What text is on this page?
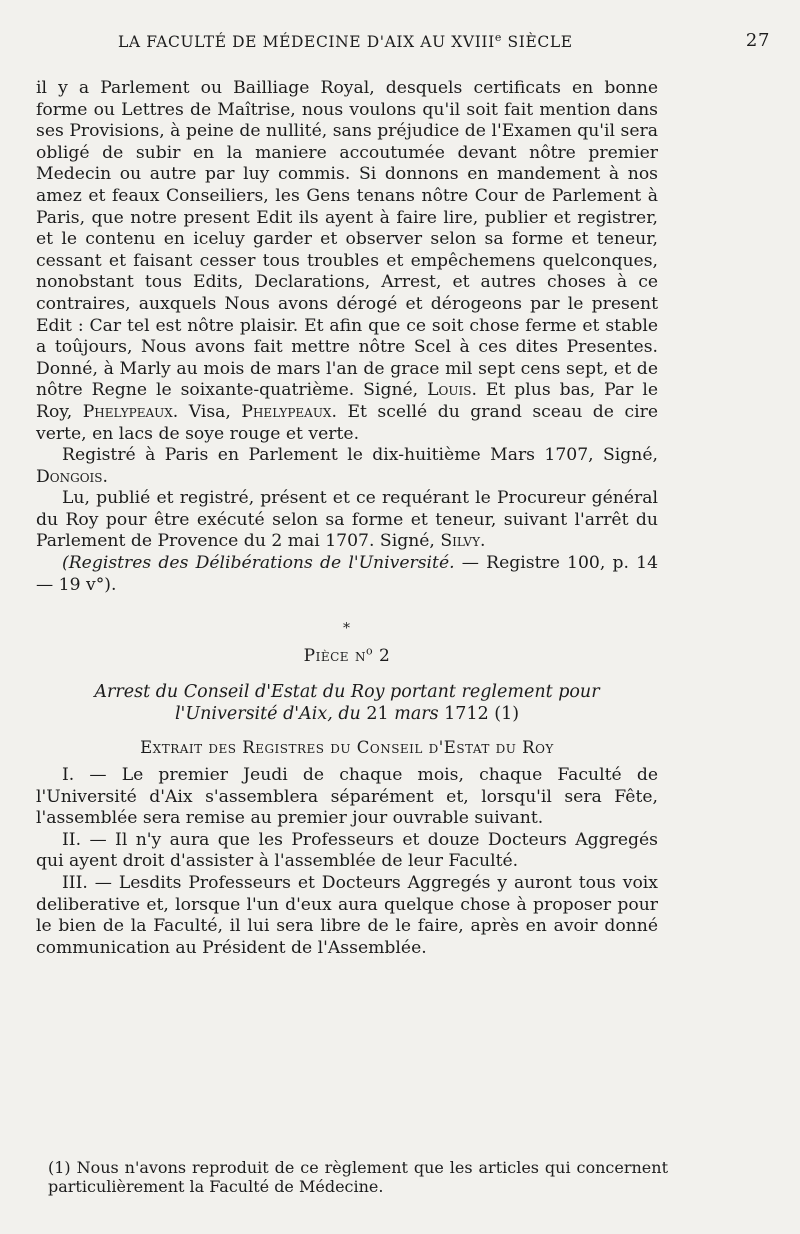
LA FACULTÉ DE MÉDECINE D'AIX AU XVIIIe SIÈCLE	27

il y a Parlement ou Bailliage Royal, desquels certificats en bonne forme ou Lettres de Maîtrise, nous voulons qu'il soit fait mention dans ses Provisions, à peine de nullité, sans préjudice de l'Examen qu'il sera obligé de subir en la maniere accoutumée devant nôtre premier Medecin ou autre par luy commis. Si donnons en mandement à nos amez et feaux Conseiliers, les Gens tenans nôtre Cour de Parlement à Paris, que notre present Edit ils ayent à faire lire, publier et registrer, et le contenu en iceluy garder et observer selon sa forme et teneur, cessant et faisant cesser tous troubles et empêchemens quelconques, nonobstant tous Edits, Declarations, Arrest, et autres choses à ce contraires, auxquels Nous avons dérogé et dérogeons par le present Edit : Car tel est nôtre plaisir. Et afin que ce soit chose ferme et stable a toûjours, Nous avons fait mettre nôtre Scel à ces dites Presentes. Donné, à Marly au mois de mars l'an de grace mil sept cens sept, et de nôtre Regne le soixante-quatrième. Signé, Louis. Et plus bas, Par le Roy, Phelypeaux. Visa, Phelypeaux. Et scellé du grand sceau de cire verte, en lacs de soye rouge et verte.

Registré à Paris en Parlement le dix-huitième Mars 1707, Signé, Dongois.

Lu, publié et registré, présent et ce requérant le Procureur général du Roy pour être exécuté selon sa forme et teneur, suivant l'arrêt du Parlement de Provence du 2 mai 1707. Signé, Silvy.

(Registres des Délibérations de l'Université. — Registre 100, p. 14 — 19 v°).

⁎
Pièce $n^o$ 2
Arrest du Conseil d'Estat du Roy portant reglement pour l'Université d'Aix, du 21 mars 1712 (1)
Extrait des Registres du Conseil d'Estat du Roy

I. — Le premier Jeudi de chaque mois, chaque Faculté de l'Université d'Aix s'assemblera séparément et, lorsqu'il sera Fête, l'assemblée sera remise au premier jour ouvrable suivant.

II. — Il n'y aura que les Professeurs et douze Docteurs Aggregés qui ayent droit d'assister à l'assemblée de leur Faculté.

III. — Lesdits Professeurs et Docteurs Aggregés y auront tous voix deliberative et, lorsque l'un d'eux aura quelque chose à proposer pour le bien de la Faculté, il lui sera libre de le faire, après en avoir donné communication au Président de l'Assemblée.

(1) Nous n'avons reproduit de ce règlement que les articles qui concernent particulièrement la Faculté de Médecine.
